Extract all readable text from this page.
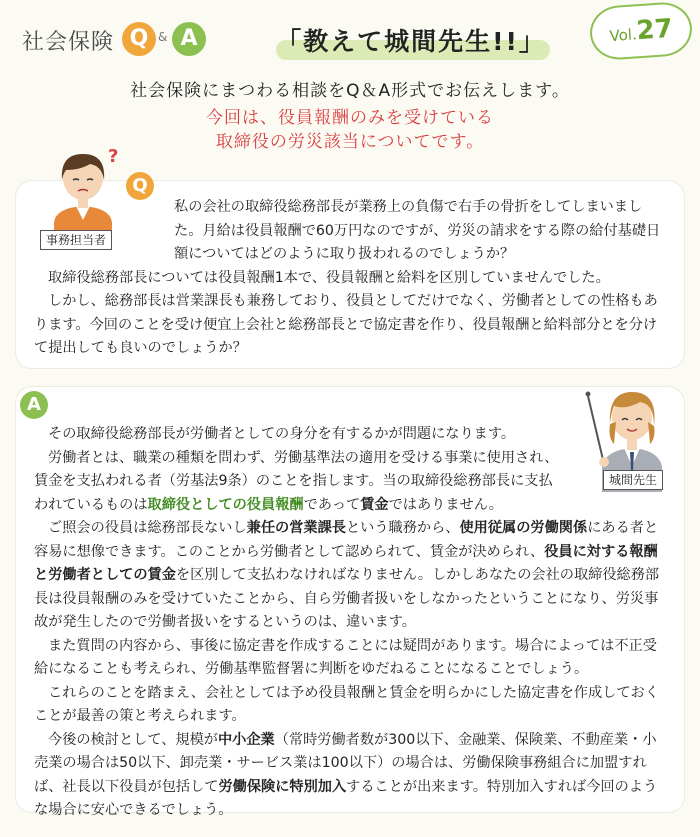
社会保険 Q & A	「教えて城間先生!!」	Vol.27
社会保険にまつわる相談をQ＆A形式でお伝えします。
今回は、役員報酬のみを受けている
取締役の労災該当についてです。
?
事務担当者
Q

私の会社の取締役総務部長が業務上の負傷で右手の骨折をしてしまいました。月給は役員報酬で60万円なのですが、労災の請求をする際の給付基礎日額についてはどのように取り扱われるのでしょうか？

取締役総務部長については役員報酬1本で、役員報酬と給料を区別していませんでした。

しかし、総務部長は営業課長も兼務しており、役員としてだけでなく、労働者としての性格もあります。今回のことを受け便宜上会社と総務部長とで協定書を作り、役員報酬と給料部分とを分けて提出しても良いのでしょうか？

A
城間先生

その取締役総務部長が労働者としての身分を有するかが問題になります。

労働者とは、職業の種類を問わず、労働基準法の適用を受ける事業に使用され、

賃金を支払われる者（労基法9条）のことを指します。当の取締役総務部長に支払

われているものは取締役としての役員報酬であって賃金ではありません。

ご照会の役員は総務部長ないし兼任の営業課長という職務から、使用従属の労働関係にある者と容易に想像できます。このことから労働者として認められて、賃金が決められ、役員に対する報酬と労働者としての賃金を区別して支払わなければなりません。しかしあなたの会社の取締役総務部長は役員報酬のみを受けていたことから、自ら労働者扱いをしなかったということになり、労災事故が発生したので労働者扱いをするというのは、違います。

また質問の内容から、事後に協定書を作成することには疑問があります。場合によっては不正受給になることも考えられ、労働基準監督署に判断をゆだねることになることでしょう。

これらのことを踏まえ、会社としては予め役員報酬と賃金を明らかにした協定書を作成しておくことが最善の策と考えられます。

今後の検討として、規模が中小企業（常時労働者数が300以下、金融業、保険業、不動産業・小売業の場合は50以下、卸売業・サービス業は100以下）の場合は、労働保険事務組合に加盟すれば、社長以下役員が包括して労働保険に特別加入することが出来ます。特別加入すれば今回のような場合に安心できるでしょう。
